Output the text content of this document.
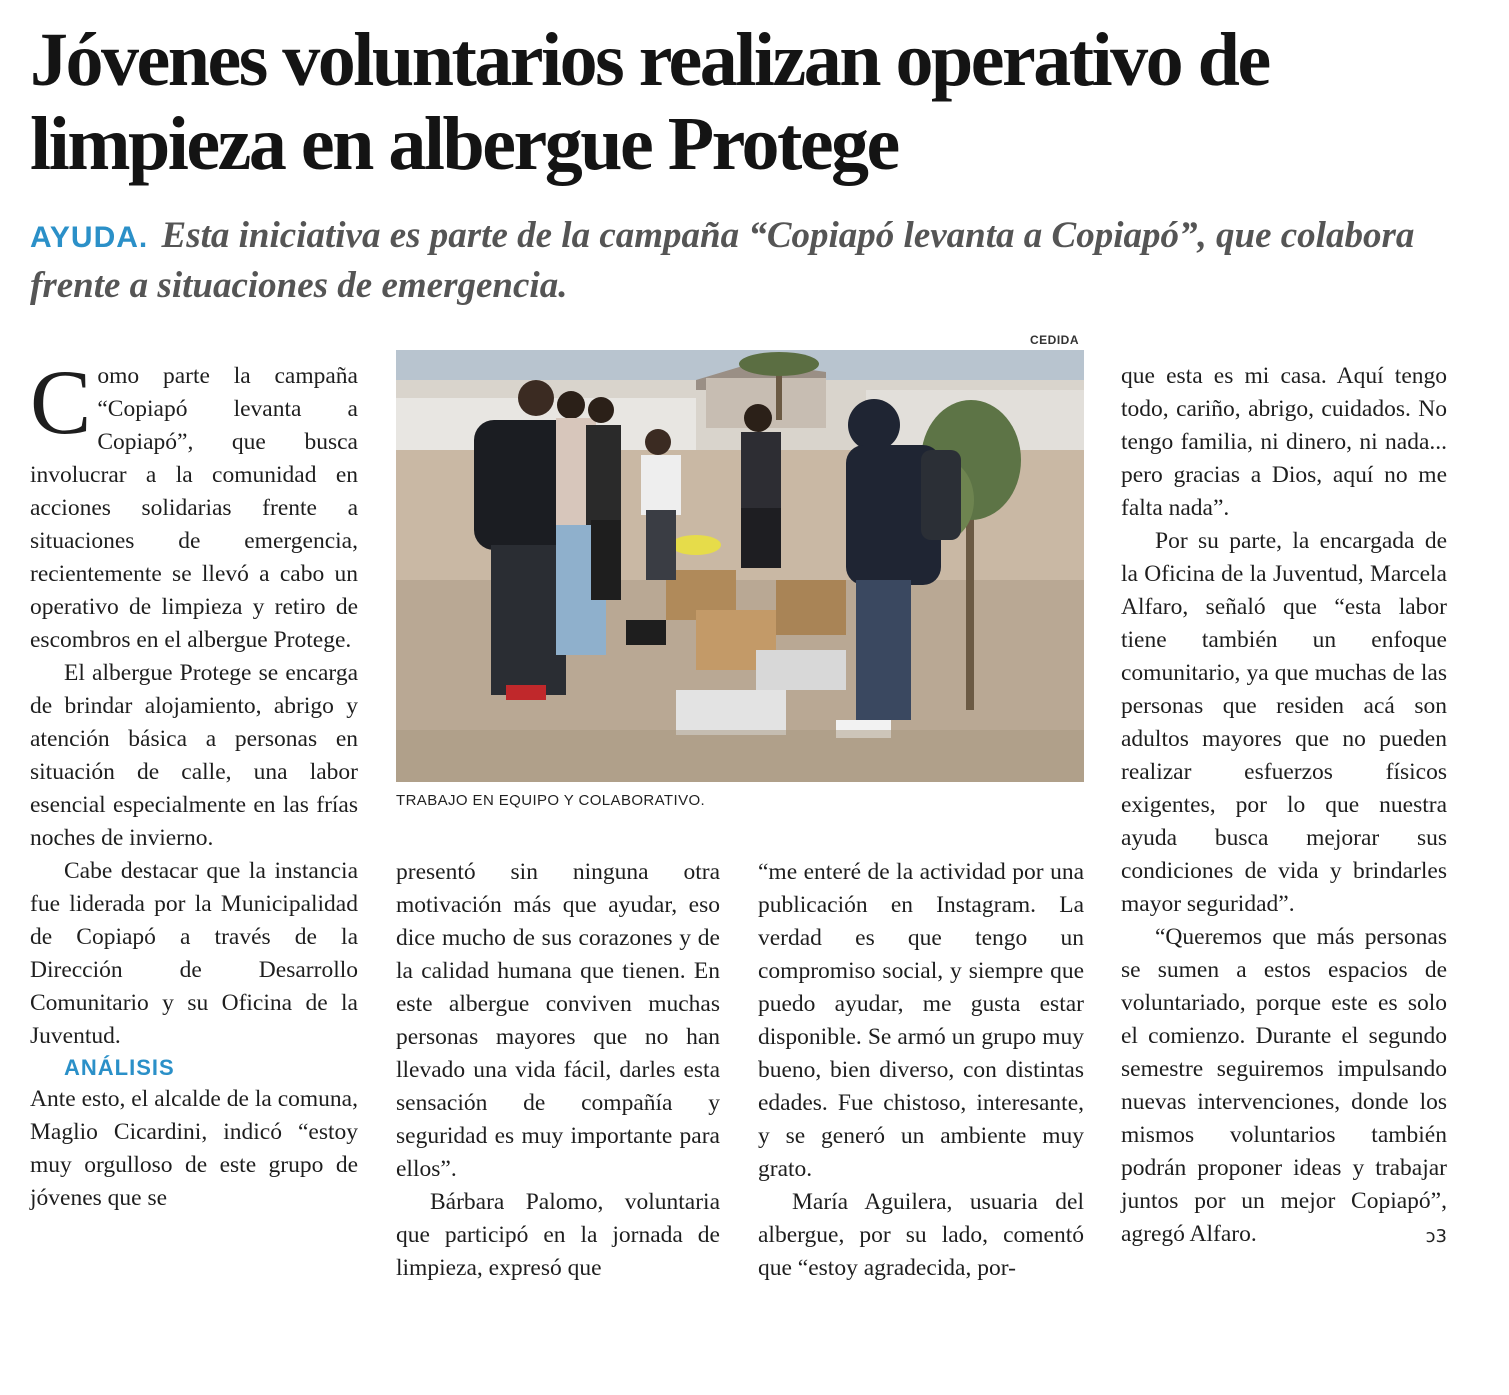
Jóvenes voluntarios realizan operativo de limpieza en albergue Protege

AYUDA. Esta iniciativa es parte de la campaña “Copiapó levanta a Copiapó”, que colabora frente a situaciones de emergencia.

CEDIDA
TRABAJO EN EQUIPO Y COLABORATIVO.

Como parte la campaña “Copiapó levanta a Copiapó”, que busca involucrar a la comunidad en acciones solidarias frente a situaciones de emergencia, recientemente se llevó a cabo un operativo de limpieza y retiro de escombros en el albergue Protege.

El albergue Protege se encarga de brindar alojamiento, abrigo y atención básica a personas en situación de calle, una labor esencial especialmente en las frías noches de invierno.

Cabe destacar que la instancia fue liderada por la Municipalidad de Copiapó a través de la Dirección de Desarrollo Comunitario y su Oficina de la Juventud.

ANÁLISIS

Ante esto, el alcalde de la comuna, Maglio Cicardini, indicó “estoy muy orgulloso de este grupo de jóvenes que se

presentó sin ninguna otra motivación más que ayudar, eso dice mucho de sus corazones y de la calidad humana que tienen. En este albergue conviven muchas personas mayores que no han llevado una vida fácil, darles esta sensación de compañía y seguridad es muy importante para ellos”.

Bárbara Palomo, voluntaria que participó en la jornada de limpieza, expresó que

“me enteré de la actividad por una publicación en Instagram. La verdad es que tengo un compromiso social, y siempre que puedo ayudar, me gusta estar disponible. Se armó un grupo muy bueno, bien diverso, con distintas edades. Fue chistoso, interesante, y se generó un ambiente muy grato.

María Aguilera, usuaria del albergue, por su lado, comentó que “estoy agradecida, por-

que esta es mi casa. Aquí tengo todo, cariño, abrigo, cuidados. No tengo familia, ni dinero, ni nada... pero gracias a Dios, aquí no me falta nada”.

Por su parte, la encargada de la Oficina de la Juventud, Marcela Alfaro, señaló que “esta labor tiene también un enfoque comunitario, ya que muchas de las personas que residen acá son adultos mayores que no pueden realizar esfuerzos físicos exigentes, por lo que nuestra ayuda busca mejorar sus condiciones de vida y brindarles mayor seguridad”.

“Queremos que más personas se sumen a estos espacios de voluntariado, porque este es solo el comienzo. Durante el segundo semestre seguiremos impulsando nuevas intervenciones, donde los mismos voluntarios también podrán proponer ideas y trabajar juntos por un mejor Copiapó”, agregó Alfaro.	ↄ3
